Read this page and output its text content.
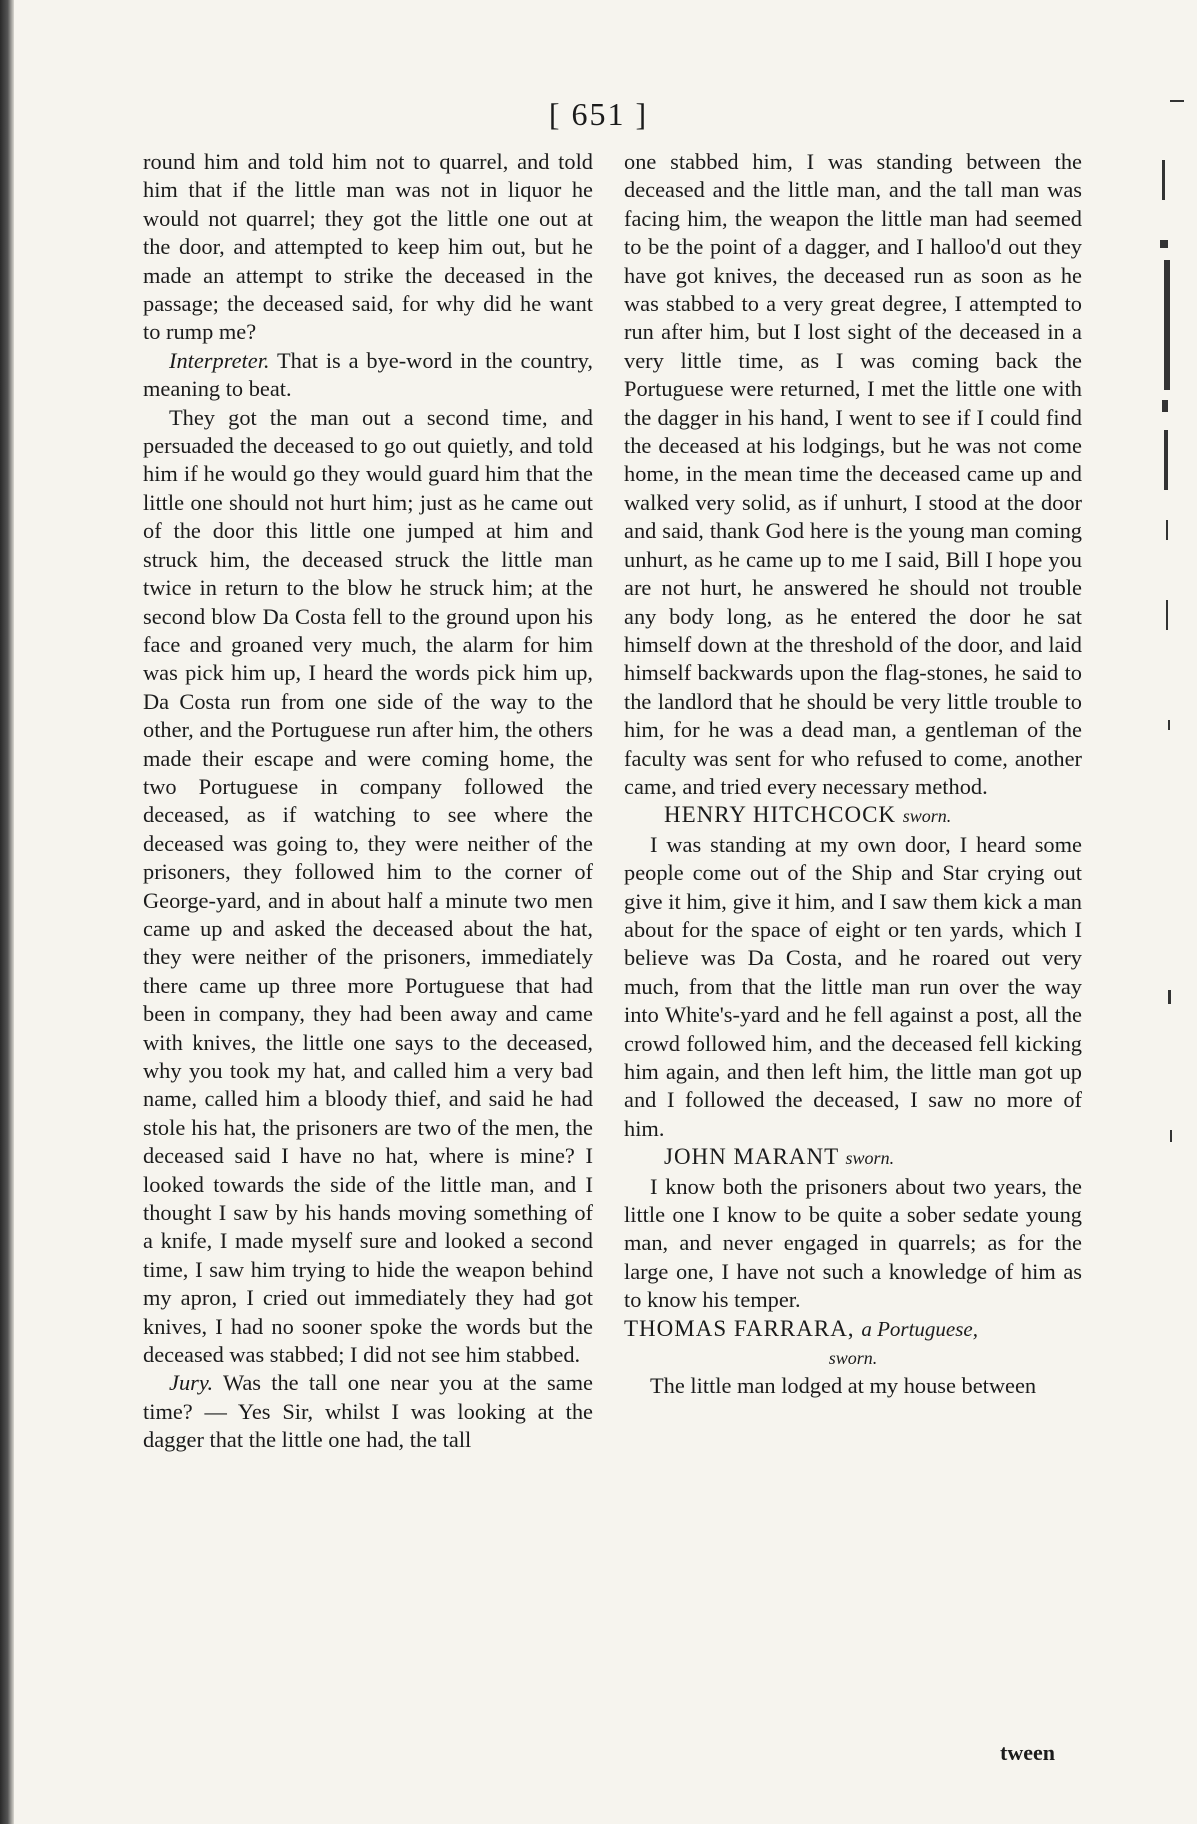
[ 651 ]

round him and told him not to quarrel, and told him that if the little man was not in liquor he would not quarrel; they got the little one out at the door, and attempted to keep him out, but he made an attempt to strike the deceased in the passage; the deceased said, for why did he want to rump me?

Interpreter. That is a bye-word in the country, meaning to beat.

They got the man out a second time, and persuaded the deceased to go out quietly, and told him if he would go they would guard him that the little one should not hurt him; just as he came out of the door this little one jumped at him and struck him, the deceased struck the little man twice in return to the blow he struck him; at the second blow Da Costa fell to the ground upon his face and groaned very much, the alarm for him was pick him up, I heard the words pick him up, Da Costa run from one side of the way to the other, and the Portuguese run after him, the others made their escape and were coming home, the two Portuguese in company followed the deceased, as if watching to see where the deceased was going to, they were neither of the prisoners, they followed him to the corner of George-yard, and in about half a minute two men came up and asked the deceased about the hat, they were neither of the prisoners, immediately there came up three more Portuguese that had been in company, they had been away and came with knives, the little one says to the deceased, why you took my hat, and called him a very bad name, called him a bloody thief, and said he had stole his hat, the prisoners are two of the men, the deceased said I have no hat, where is mine? I looked towards the side of the little man, and I thought I saw by his hands moving something of a knife, I made myself sure and looked a second time, I saw him trying to hide the weapon behind my apron, I cried out immediately they had got knives, I had no sooner spoke the words but the deceased was stabbed; I did not see him stabbed.

Jury. Was the tall one near you at the same time? — Yes Sir, whilst I was looking at the dagger that the little one had, the tall

one stabbed him, I was standing between the deceased and the little man, and the tall man was facing him, the weapon the little man had seemed to be the point of a dagger, and I halloo'd out they have got knives, the deceased run as soon as he was stabbed to a very great degree, I attempted to run after him, but I lost sight of the deceased in a very little time, as I was coming back the Portuguese were returned, I met the little one with the dagger in his hand, I went to see if I could find the deceased at his lodgings, but he was not come home, in the mean time the deceased came up and walked very solid, as if unhurt, I stood at the door and said, thank God here is the young man coming unhurt, as he came up to me I said, Bill I hope you are not hurt, he answered he should not trouble any body long, as he entered the door he sat himself down at the threshold of the door, and laid himself backwards upon the flag-stones, he said to the landlord that he should be very little trouble to him, for he was a dead man, a gentleman of the faculty was sent for who refused to come, another came, and tried every necessary method.

HENRY HITCHCOCK sworn.

I was standing at my own door, I heard some people come out of the Ship and Star crying out give it him, give it him, and I saw them kick a man about for the space of eight or ten yards, which I believe was Da Costa, and he roared out very much, from that the little man run over the way into White's-yard and he fell against a post, all the crowd followed him, and the deceased fell kicking him again, and then left him, the little man got up and I followed the deceased, I saw no more of him.

JOHN MARANT sworn.

I know both the prisoners about two years, the little one I know to be quite a sober sedate young man, and never engaged in quarrels; as for the large one, I have not such a knowledge of him as to know his temper.

THOMAS FARRARA, a Portuguese,

sworn.

The little man lodged at my house between

tween
